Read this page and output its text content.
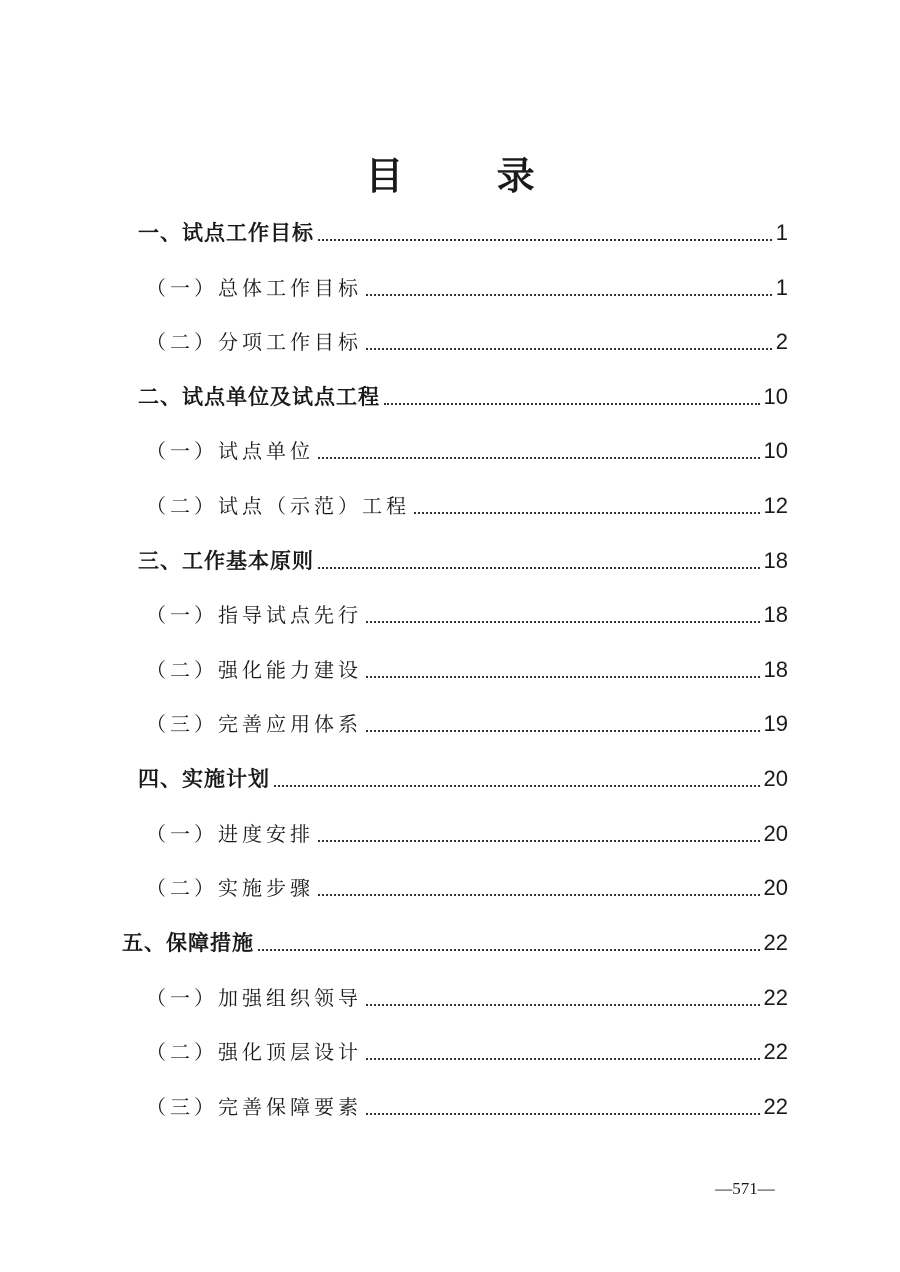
目 录
一、试点工作目标	1
（一）总体工作目标	1
（二）分项工作目标	2
二、试点单位及试点工程	10
（一）试点单位	10
（二）试点（示范）工程	12
三、工作基本原则	18
（一）指导试点先行	18
（二）强化能力建设	18
（三）完善应用体系	19
四、实施计划	20
（一）进度安排	20
（二）实施步骤	20
五、保障措施	22
（一）加强组织领导	22
（二）强化顶层设计	22
（三）完善保障要素	22
—571—
